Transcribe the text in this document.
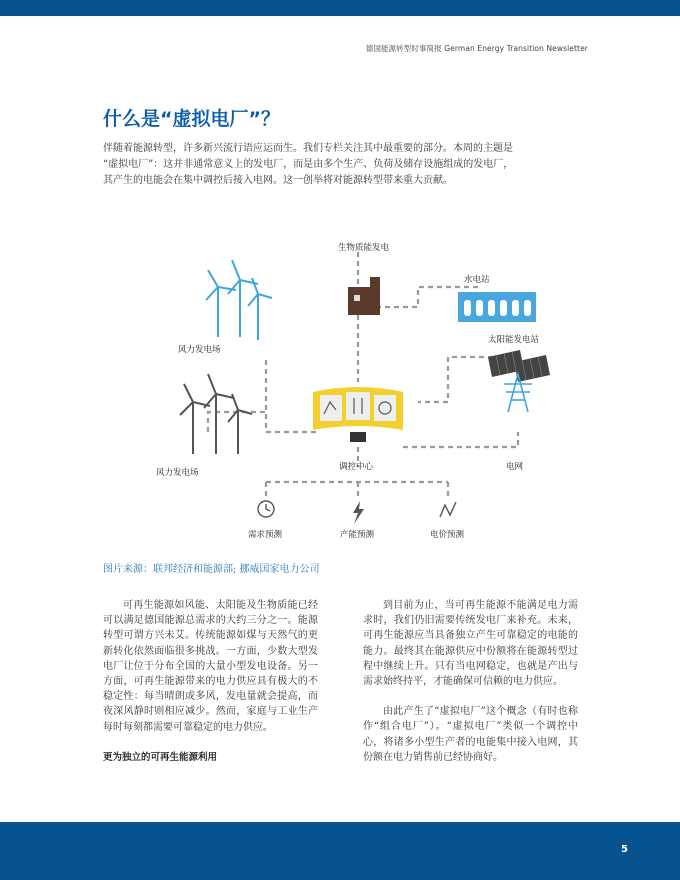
德国能源转型时事简报 German Energy Transition Newsletter
什么是“虚拟电厂”？
伴随着能源转型，许多新兴流行语应运而生。我们专栏关注其中最重要的部分。本周的主题是
“虚拟电厂”：这并非通常意义上的发电厂，而是由多个生产、负荷及储存设施组成的发电厂，
其产生的电能会在集中调控后接入电网。这一创举将对能源转型带来重大贡献。
生物质能发电
水电站
太阳能发电站
风力发电场
风力发电场
调控中心	电网
需求预测	产能预测	电价预测
图片来源：联邦经济和能源部; 挪威国家电力公司

可再生能源如风能、太阳能及生物质能已经可以满足德国能源总需求的大约三分之一。能源转型可谓方兴未艾。传统能源如煤与天然气的更新转化依然面临很多挑战。一方面，少数大型发电厂让位于分布全国的大量小型发电设备。另一方面，可再生能源带来的电力供应具有极大的不稳定性：每当晴朗或多风，发电量就会提高，而夜深风静时则相应减少。然而，家庭与工业生产每时每刻都需要可靠稳定的电力供应。

更为独立的可再生能源利用

到目前为止，当可再生能源不能满足电力需求时，我们仍旧需要传统发电厂来补充。未来，可再生能源应当具备独立产生可靠稳定的电能的能力。最终其在能源供应中份额将在能源转型过程中继续上升。只有当电网稳定，也就是产出与需求始终持平，才能确保可信赖的电力供应。

由此产生了“虚拟电厂”这个概念（有时也称作“组合电厂”）。“虚拟电厂”类似一个调控中心，将诸多小型生产者的电能集中接入电网，其份额在电力销售前已经协商好。

5
